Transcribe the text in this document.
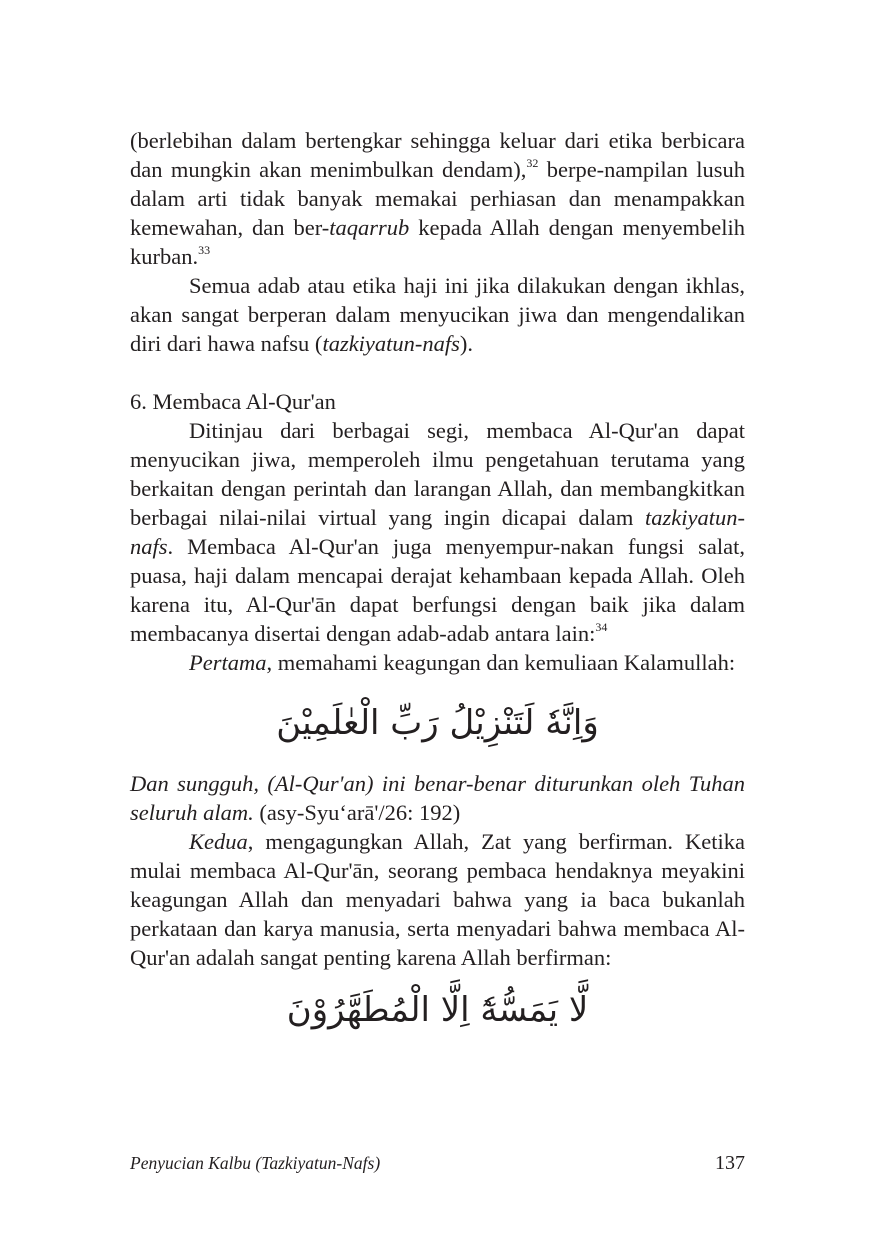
(berlebihan dalam bertengkar sehingga keluar dari etika berbicara dan mungkin akan menimbulkan dendam),$^{32}$ berpe-nampilan lusuh dalam arti tidak banyak memakai perhiasan dan menampakkan kemewahan, dan ber-taqarrub kepada Allah dengan menyembelih kurban.$^{33}$

Semua adab atau etika haji ini jika dilakukan dengan ikhlas, akan sangat berperan dalam menyucikan jiwa dan mengendalikan diri dari hawa nafsu (tazkiyatun-nafs).

6. Membaca Al-Qur'an

Ditinjau dari berbagai segi, membaca Al-Qur'an dapat menyucikan jiwa, memperoleh ilmu pengetahuan terutama yang berkaitan dengan perintah dan larangan Allah, dan membangkitkan berbagai nilai-nilai virtual yang ingin dicapai dalam tazkiyatun-nafs. Membaca Al-Qur'an juga menyempur-nakan fungsi salat, puasa, haji dalam mencapai derajat kehambaan kepada Allah. Oleh karena itu, Al-Qur'ān dapat berfungsi dengan baik jika dalam membacanya disertai dengan adab-adab antara lain:$^{34}$

Pertama, memahami keagungan dan kemuliaan Kalamullah:

وَاِنَّهٗ لَتَنْزِيْلُ رَبِّ الْعٰلَمِيْنَ

Dan sungguh, (Al-Qur'an) ini benar-benar diturunkan oleh Tuhan seluruh alam. (asy-Syu‘arā'/26: 192)

Kedua, mengagungkan Allah, Zat yang berfirman. Ketika mulai membaca Al-Qur'ān, seorang pembaca hendaknya meyakini keagungan Allah dan menyadari bahwa yang ia baca bukanlah perkataan dan karya manusia, serta menyadari bahwa membaca Al-Qur'an adalah sangat penting karena Allah berfirman:

لَّا يَمَسُّهٗٓ اِلَّا الْمُطَهَّرُوْنَ

Penyucian Kalbu (Tazkiyatun-Nafs)	137
